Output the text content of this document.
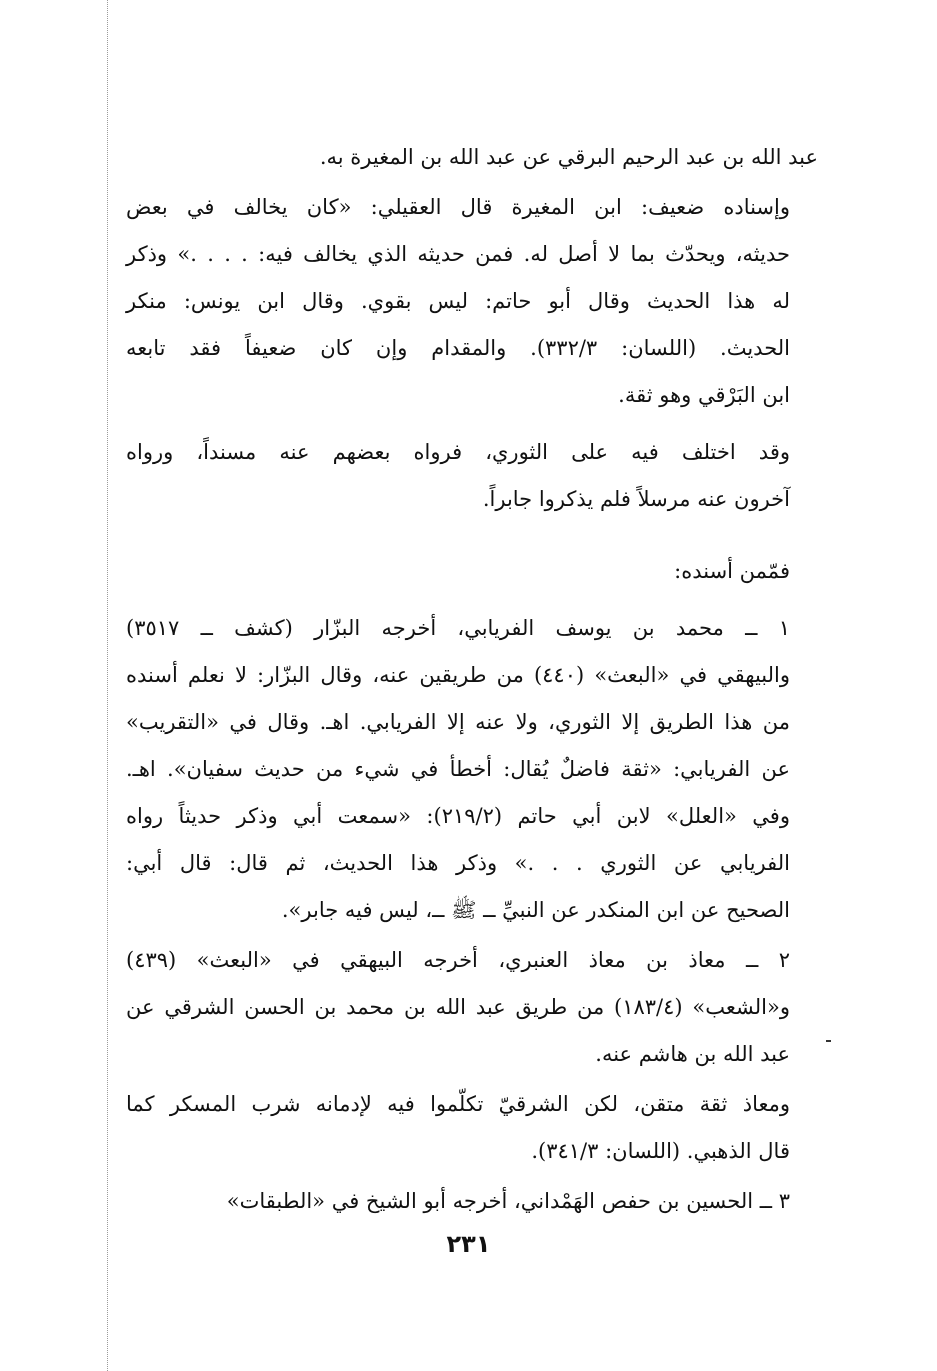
عبد الله بن عبد الرحيم البرقي عن عبد الله بن المغيرة به.

وإسناده ضعيف: ابن المغيرة قال العقيلي: «كان يخالف في بعض
حديثه، ويحدّث بما لا أصل له. فمن حديثه الذي يخالف فيه: . . . .» وذكر
له هذا الحديث وقال أبو حاتم: ليس بقوي. وقال ابن يونس: منكر
الحديث. (اللسان: ٣٣٢/٣). والمقدام وإن كان ضعيفاً فقد تابعه
ابن البَرْقي وهو ثقة.

وقد اختلف فيه على الثوري، فرواه بعضهم عنه مسنداً، ورواه
آخرون عنه مرسلاً فلم يذكروا جابراً.

فمّمن أسنده:

١ ــ محمد بن يوسف الفريابي، أخرجه البزّار (كشف ــ ٣٥١٧)
والبيهقي في «البعث» (٤٤٠) من طريقين عنه، وقال البزّار: لا نعلم أسنده
من هذا الطريق إلا الثوري، ولا عنه إلا الفريابي. اهـ. وقال في «التقريب»
عن الفريابي: «ثقة فاضلٌ يُقال: أخطأ في شيء من حديث سفيان». اهـ.
وفي «العلل» لابن أبي حاتم (٢١٩/٢): «سمعت أبي وذكر حديثاً رواه
الفريابي عن الثوري . . .» وذكر هذا الحديث، ثم قال: قال أبي:
الصحيح عن ابن المنكدر عن النبيِّ ــ ﷺ ــ، ليس فيه جابر».

٢ ــ معاذ بن معاذ العنبري، أخرجه البيهقي في «البعث» (٤٣٩)
و«الشعب» (١٨٣/٤) من طريق عبد الله بن محمد بن الحسن الشرقي عن
عبد الله بن هاشم عنه.

ومعاذ ثقة متقن، لكن الشرقيّ تكلّموا فيه لإدمانه شرب المسكر كما
قال الذهبي. (اللسان: ٣٤١/٣).

٣ ــ الحسين بن حفص الهَمْداني، أخرجه أبو الشيخ في «الطبقات»

٢٣١
